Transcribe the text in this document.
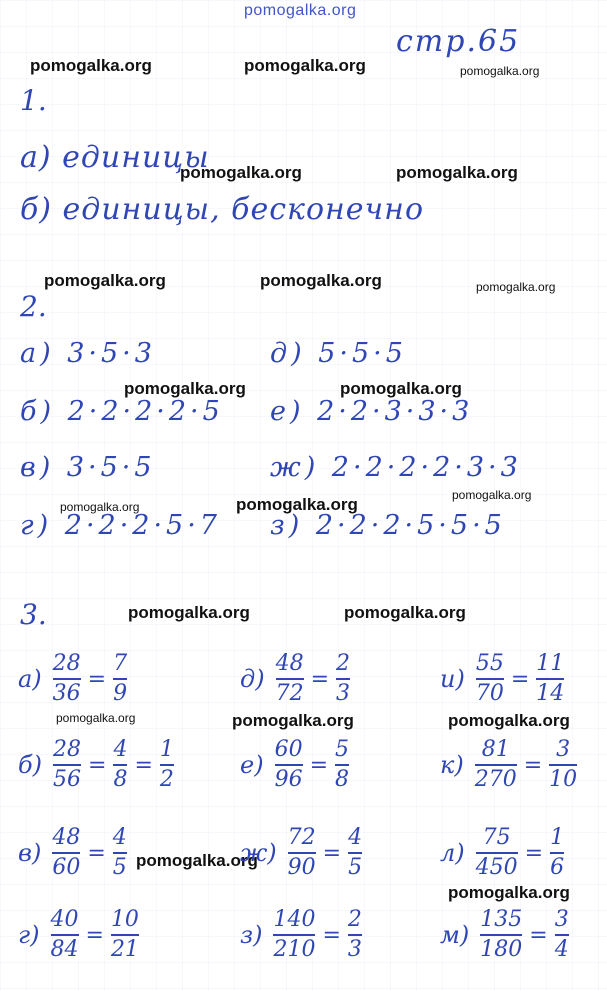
pomogalka.org
стр.65
pomogalka.org	pomogalka.org	pomogalka.org
pomogalka.org	pomogalka.org
pomogalka.org	pomogalka.org	pomogalka.org
pomogalka.org	pomogalka.org
pomogalka.org	pomogalka.org	pomogalka.org
pomogalka.org	pomogalka.org
pomogalka.org	pomogalka.org	pomogalka.org
pomogalka.org
pomogalka.org
1.
а) единицы
б) единицы, бесконечно
2.
а) 3·5·3
б) 2·2·2·2·5
в) 3·5·5
г) 2·2·2·5·7
д) 5·5·5
е) 2·2·3·3·3
ж) 2·2·2·2·3·3
з) 2·2·2·5·5·5
3.
$а) \frac{28}{36} = \frac{7}{9}$	$д) \frac{48}{72} = \frac{2}{3}$	$и) \frac{55}{70} = \frac{11}{14}$
$б) \frac{28}{56} = \frac{4}{8} = \frac{1}{2}$	$е) \frac{60}{96} = \frac{5}{8}$	$к) \frac{81}{270} = \frac{3}{10}$
$в) \frac{48}{60} = \frac{4}{5}$	$ж) \frac{72}{90} = \frac{4}{5}$	$л) \frac{75}{450} = \frac{1}{6}$
$г) \frac{40}{84} = \frac{10}{21}$	$з) \frac{140}{210} = \frac{2}{3}$	$м) \frac{135}{180} = \frac{3}{4}$
